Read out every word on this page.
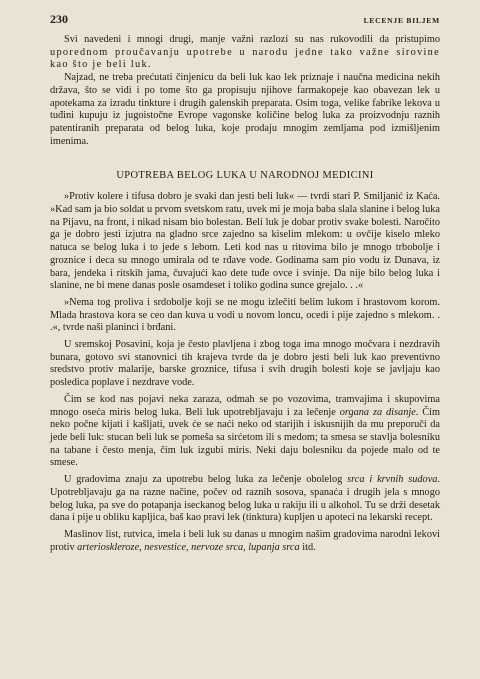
230	LECENJE BILJEM

Svi navedeni i mnogi drugi, manje važni razlozi su nas rukovodili da pristupimo uporednom proučavanju upotrebe u narodu jedne tako važne sirovine kao što je beli luk.

Najzad, ne treba prećutati činjenicu da beli luk kao lek priznaje i naučna medicina nekih država, što se vidi i po tome što ga propisuju njihove farmakopeje kao obavezan lek u apotekama za izradu tinkture i drugih galenskih preparata. Osim toga, velike fabrike lekova u tuđini kupuju iz jugoistočne Evrope vagonske količine belog luka za proizvodnju raznih patentiranih preparata od belog luka, koje prodaju mnogim zemljama pod izmišljenim imenima.

UPOTREBA BELOG LUKA U NARODNOJ MEDICINI

»Protiv kolere i tifusa dobro je svaki dan jesti beli luk« — tvrdi stari P. Smiljanić iz Kaća. »Kad sam ja bio soldat u prvom svetskom ratu, uvek mi je moja baba slala slanine i belog luka na Pijavu, na front, i nikad nisam bio bolestan. Beli luk je dobar protiv svake bolesti. Naročito ga je dobro jesti izjutra na gladno srce zajedno sa kiselim mlekom: u ovčije kiselo mleko natuca se belog luka i to jede s lebom. Leti kod nas u ritovima bilo je mnogo trbobolje i groznice i deca su mnogo umirala od te rđave vode. Godinama sam pio vodu iz Dunava, iz bara, jendeka i ritskih jama, čuvajući kao dete tuđe ovce i svinje. Da nije bilo belog luka i slanine, ne bi mene danas posle osamdeset i toliko godina sunce grejalo. . .«

»Nema tog proliva i srdobolje koji se ne mogu izlečiti belim lukom i hrastovom korom. Mlada hrastova kora se ceo dan kuva u vodi u novom loncu, ocedi i pije zajedno s mlekom. . .«, tvrde naši planinci i brđani.

U sremskoj Posavini, koja je često plavljena i zbog toga ima mnogo močvara i nezdravih bunara, gotovo svi stanovnici tih krajeva tvrde da je dobro jesti beli luk kao preventivno sredstvo protiv malarije, barske groznice, tifusa i svih drugih bolesti koje se javljaju kao posledica poplave i nezdrave vode.

Čim se kod nas pojavi neka zaraza, odmah se po vozovima, tramvajima i skupovima mnogo oseća miris belog luka. Beli luk upotrebljavaju i za lečenje organa za disanje. Čim neko počne kijati i kašljati, uvek će se naći neko od starijih i iskusnijih da mu preporuči da jede beli luk: stucan beli luk se pomeša sa sirćetom ili s medom; ta smesa se stavlja bolesniku na tabane i često menja, čim luk izgubi miris. Neki daju bolesniku da pojede malo od te smese.

U gradovima znaju za upotrebu belog luka za lečenje obolelog srca i krvnih sudova. Upotrebljavaju ga na razne načine, počev od raznih sosova, spanaća i drugih jela s mnogo belog luka, pa sve do potapanja iseckanog belog luka u rakiju ili u alkohol. Tu se drži desetak dana i pije u obliku kapljica, baš kao pravi lek (tinktura) kupljen u apoteci na lekarski recept.

Maslinov list, rutvica, imela i beli luk su danas u mnogim našim gradovima narodni lekovi protiv arterioskleroze, nesvestice, nervoze srca, lupanja srca itd.
